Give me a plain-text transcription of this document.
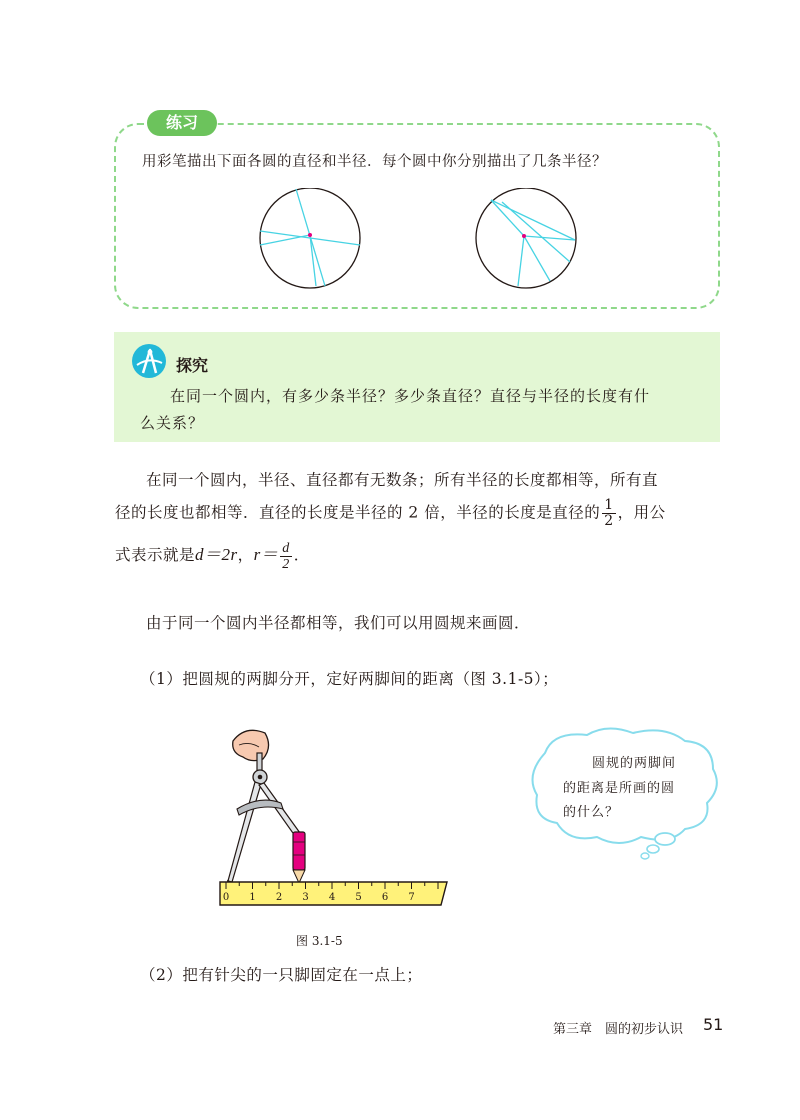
练习
用彩笔描出下面各圆的直径和半径．每个圆中你分别描出了几条半径？
探究
在同一个圆内，有多少条半径？多少条直径？直径与半径的长度有什
么关系？
在同一个圆内，半径、直径都有无数条；所有半径的长度都相等，所有直
径的长度也都相等．直径的长度是半径的 2 倍，半径的长度是直径的 $\frac{1}{2}$ ，用公
式表示就是d＝2r，$r= \frac{d}{2}$ ．
由于同一个圆内半径都相等，我们可以用圆规来画圆．
（1）把圆规的两脚分开，定好两脚间的距离（图 3.1-5）；
0 1 2 3 4 5 6 7
圆规的两脚间
的距离是所画的圆
的什么？
图 3.1-5
（2）把有针尖的一只脚固定在一点上；
第三章　圆的初步认识 51
